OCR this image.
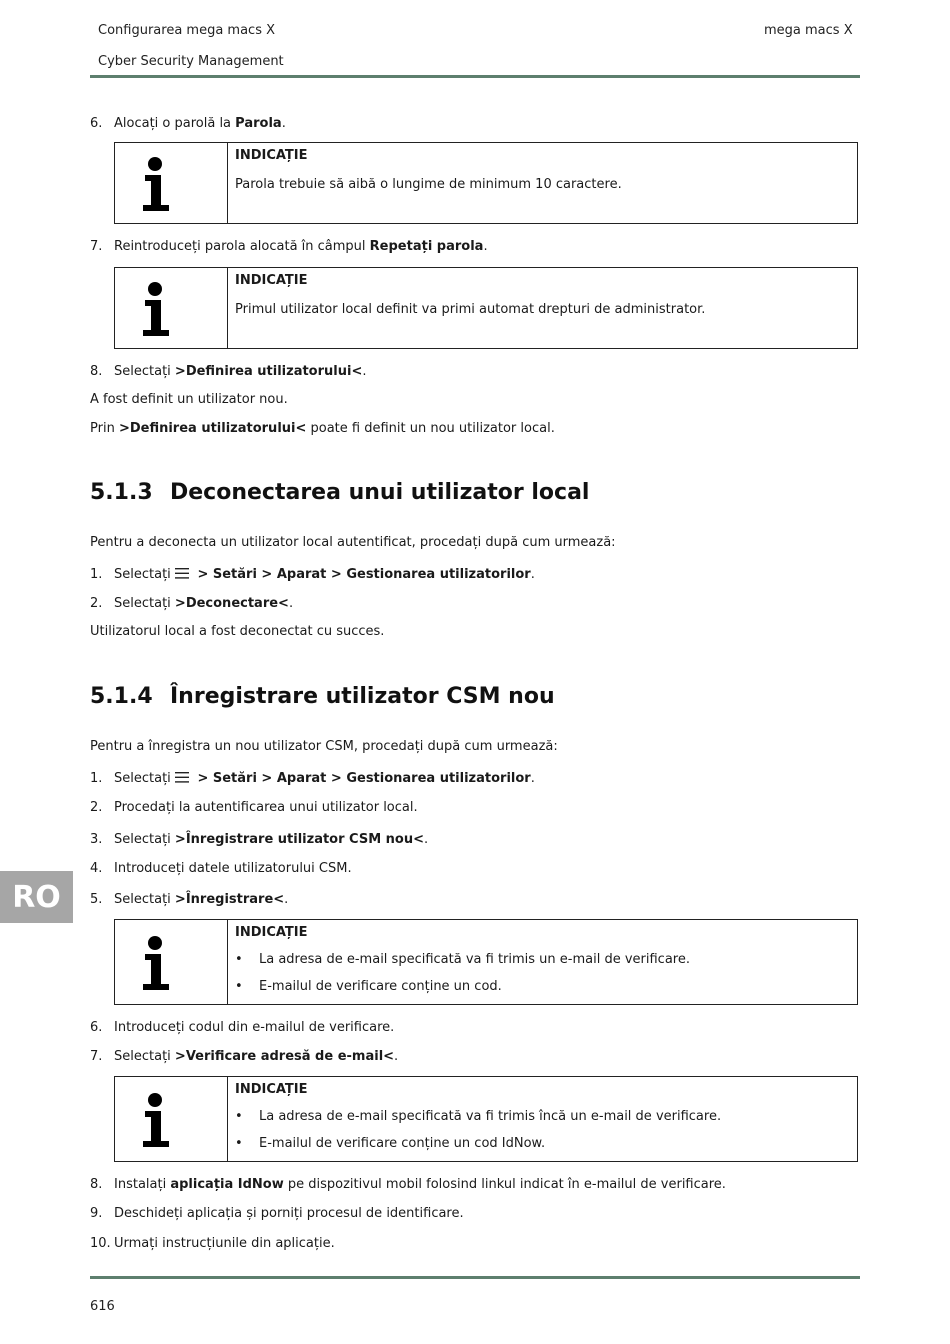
Configurarea mega macs X	mega macs X
Cyber Security Management
6. Alocați o parolă la Parola.
INDICAȚIE
Parola trebuie să aibă o lungime de minimum 10 caractere.
7. Reintroduceți parola alocată în câmpul Repetați parola.
INDICAȚIE
Primul utilizator local definit va primi automat drepturi de administrator.
8. Selectați >Definirea utilizatorului<.
A fost definit un utilizator nou.
Prin >Definirea utilizatorului< poate fi definit un nou utilizator local.
5.1.3 Deconectarea unui utilizator local
Pentru a deconecta un utilizator local autentificat, procedați după cum urmează:
1. Selectați  > Setări > Aparat > Gestionarea utilizatorilor.
2. Selectați >Deconectare<.
Utilizatorul local a fost deconectat cu succes.
5.1.4 Înregistrare utilizator CSM nou
Pentru a înregistra un nou utilizator CSM, procedați după cum urmează:
1. Selectați  > Setări > Aparat > Gestionarea utilizatorilor.
2. Procedați la autentificarea unui utilizator local.
3. Selectați >Înregistrare utilizator CSM nou<.
4. Introduceți datele utilizatorului CSM.
5. Selectați >Înregistrare<.
INDICAȚIE
• La adresa de e-mail specificată va fi trimis un e-mail de verificare.
• E-mailul de verificare conține un cod.
6. Introduceți codul din e-mailul de verificare.
7. Selectați >Verificare adresă de e-mail<.
INDICAȚIE
• La adresa de e-mail specificată va fi trimis încă un e-mail de verificare.
• E-mailul de verificare conține un cod IdNow.
8. Instalați aplicația IdNow pe dispozitivul mobil folosind linkul indicat în e-mailul de verificare.
9. Deschideți aplicația și porniți procesul de identificare.
10. Urmați instrucțiunile din aplicație.
616
RO
